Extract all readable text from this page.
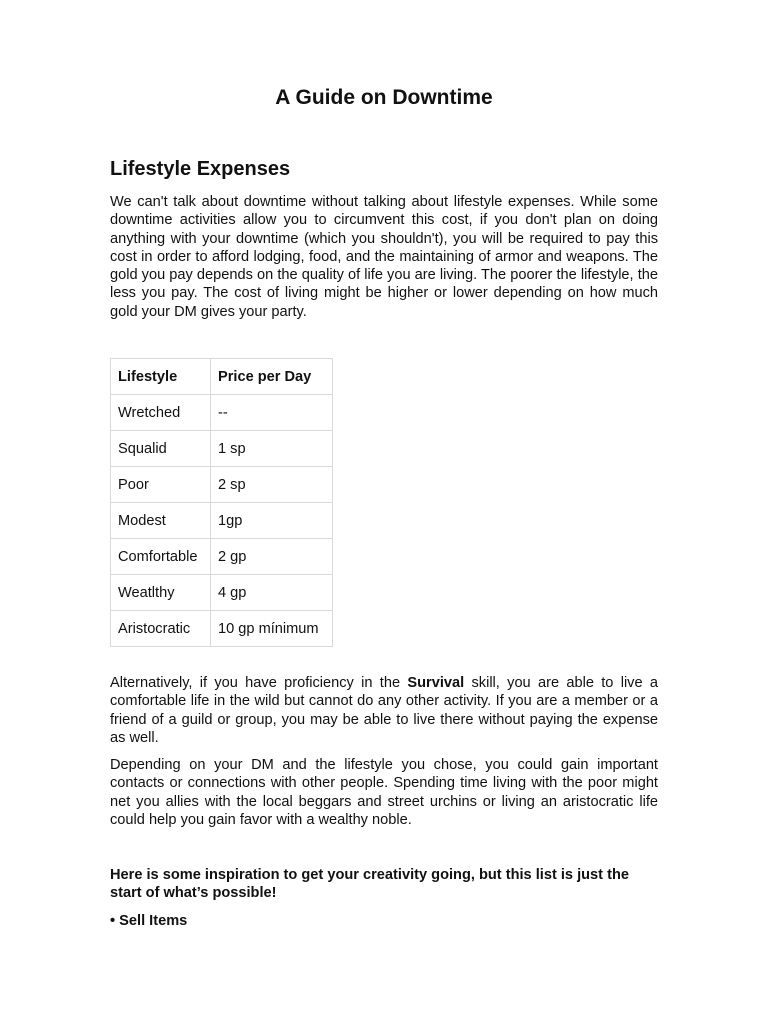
A Guide on Downtime
Lifestyle Expenses

We can't talk about downtime without talking about lifestyle expenses. While some downtime activities allow you to circumvent this cost, if you don't plan on doing anything with your downtime (which you shouldn't), you will be required to pay this cost in order to afford lodging, food, and the maintaining of armor and weapons. The gold you pay depends on the quality of life you are living. The poorer the lifestyle, the less you pay. The cost of living might be higher or lower depending on how much gold your DM gives your party.

Lifestyle	Price per Day
Wretched	--
Squalid	1 sp
Poor	2 sp
Modest	1gp
Comfortable	2 gp
Weatlthy	4 gp
Aristocratic	10 gp mínimum

Alternatively, if you have proficiency in the Survival skill, you are able to live a comfortable life in the wild but cannot do any other activity. If you are a member or a friend of a guild or group, you may be able to live there without paying the expense as well.

Depending on your DM and the lifestyle you chose, you could gain important contacts or connections with other people. Spending time living with the poor might net you allies with the local beggars and street urchins or living an aristocratic life could help you gain favor with a wealthy noble.

Here is some inspiration to get your creativity going, but this list is just the start of what’s possible!

• Sell Items
